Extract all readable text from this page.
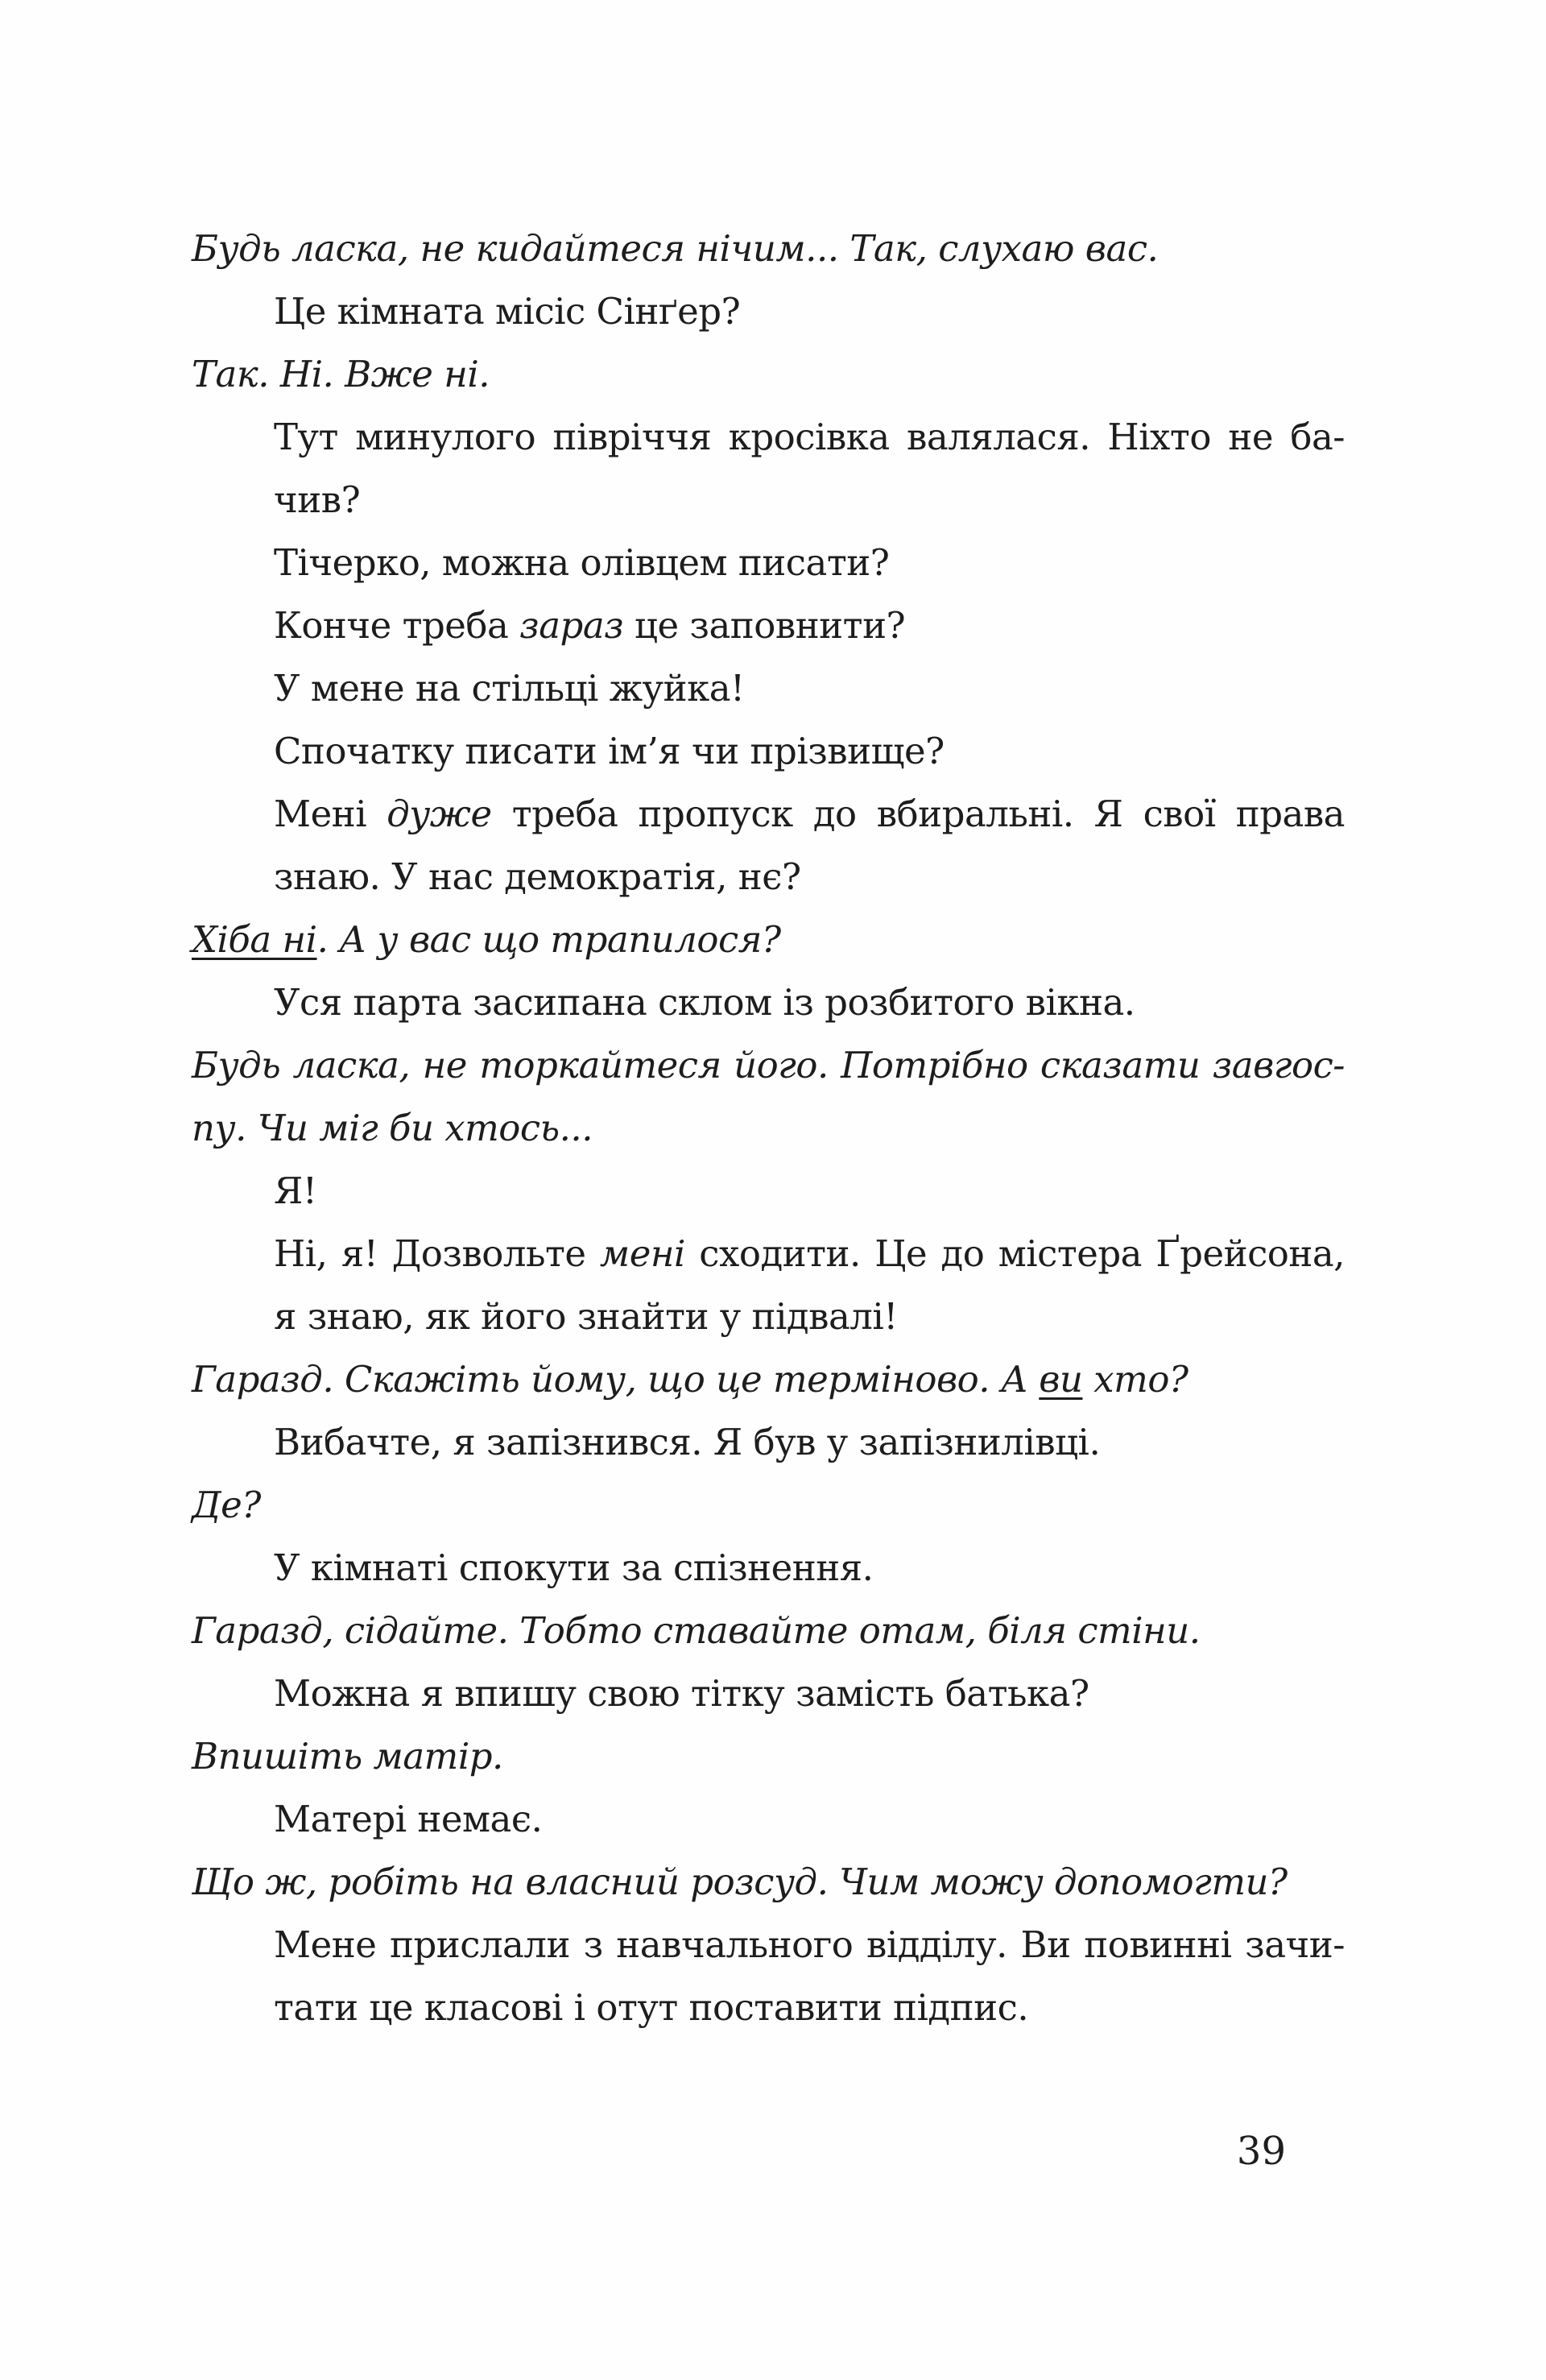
Будь ласка, не кидайтеся нічим... Так, слухаю вас.
Це кімната місіс Сінґер?
Так. Ні. Вже ні.
Тут минулого півріччя кросівка валялася. Ніхто не ба-
чив?
Тічерко, можна олівцем писати?
Конче треба зараз це заповнити?
У мене на стільці жуйка!
Спочатку писати ім’я чи прізвище?
Мені дуже треба пропуск до вбиральні. Я свої права
знаю. У нас демократія, нє?
Хіба ні. А у вас що трапилося?
Уся парта засипана склом із розбитого вікна.
Будь ласка, не торкайтеся його. Потрібно сказати завгос-
пу. Чи міг би хтось...
Я!
Ні, я! Дозвольте мені сходити. Це до містера Ґрейсона,
я знаю, як його знайти у підвалі!
Гаразд. Скажіть йому, що це терміново. А ви хто?
Вибачте, я запізнився. Я був у запізнилівці.
Де?
У кімнаті спокути за спізнення.
Гаразд, сідайте. Тобто ставайте отам, біля стіни.
Можна я впишу свою тітку замість батька?
Впишіть матір.
Матері немає.
Що ж, робіть на власний розсуд. Чим можу допомогти?
Мене прислали з навчального відділу. Ви повинні зачи-
тати це класові і отут поставити підпис.
39
